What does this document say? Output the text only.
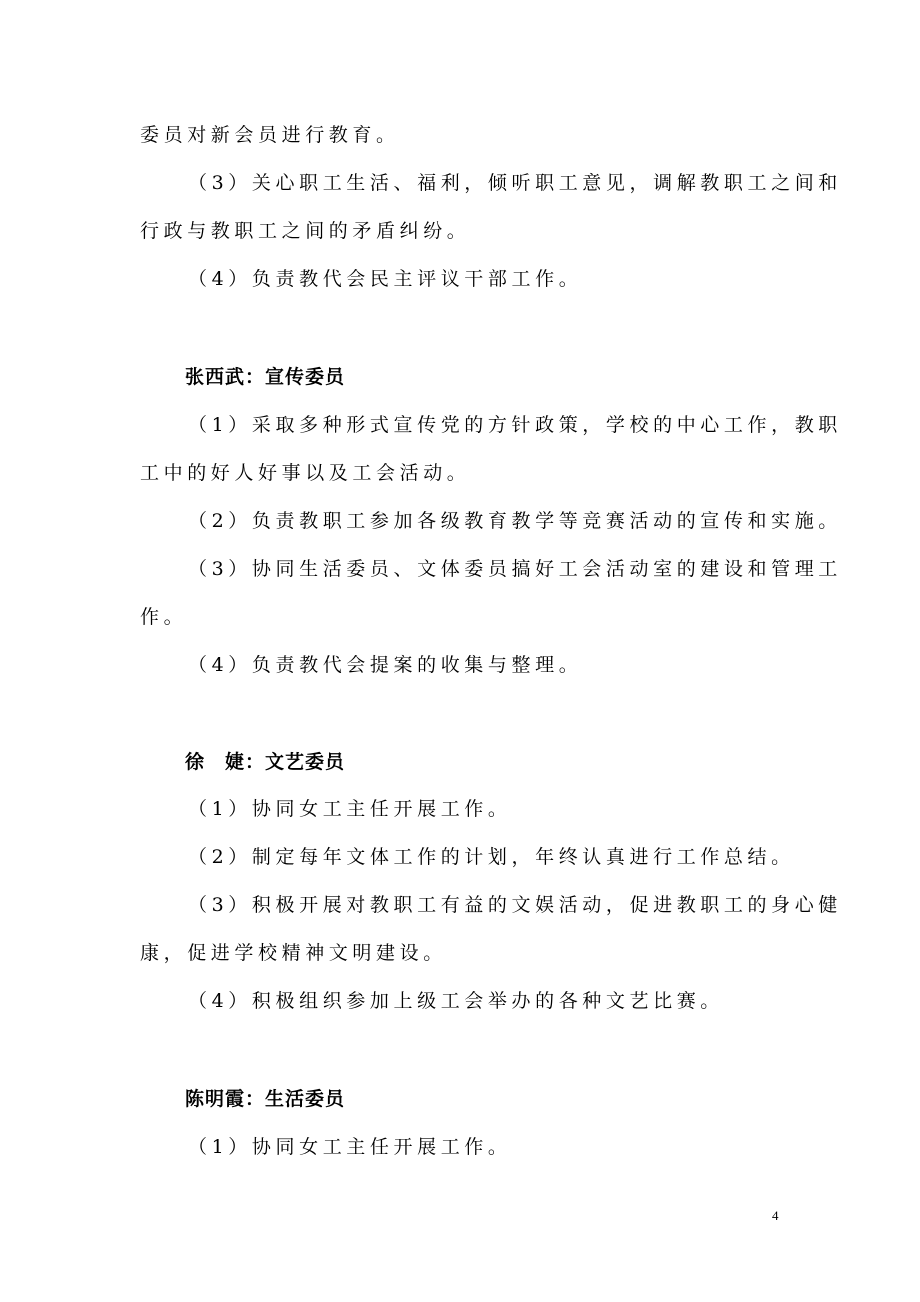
委员对新会员进行教育。
（3）关心职工生活、福利，倾听职工意见，调解教职工之间和
行政与教职工之间的矛盾纠纷。
（4）负责教代会民主评议干部工作。
张西武：宣传委员
（1）采取多种形式宣传党的方针政策，学校的中心工作，教职
工中的好人好事以及工会活动。
（2）负责教职工参加各级教育教学等竞赛活动的宣传和实施。
（3）协同生活委员、文体委员搞好工会活动室的建设和管理工
作。
（4）负责教代会提案的收集与整理。
徐　婕：文艺委员
（1）协同女工主任开展工作。
（2）制定每年文体工作的计划，年终认真进行工作总结。
（3）积极开展对教职工有益的文娱活动，促进教职工的身心健
康，促进学校精神文明建设。
（4）积极组织参加上级工会举办的各种文艺比赛。
陈明霞：生活委员
（1）协同女工主任开展工作。
4
